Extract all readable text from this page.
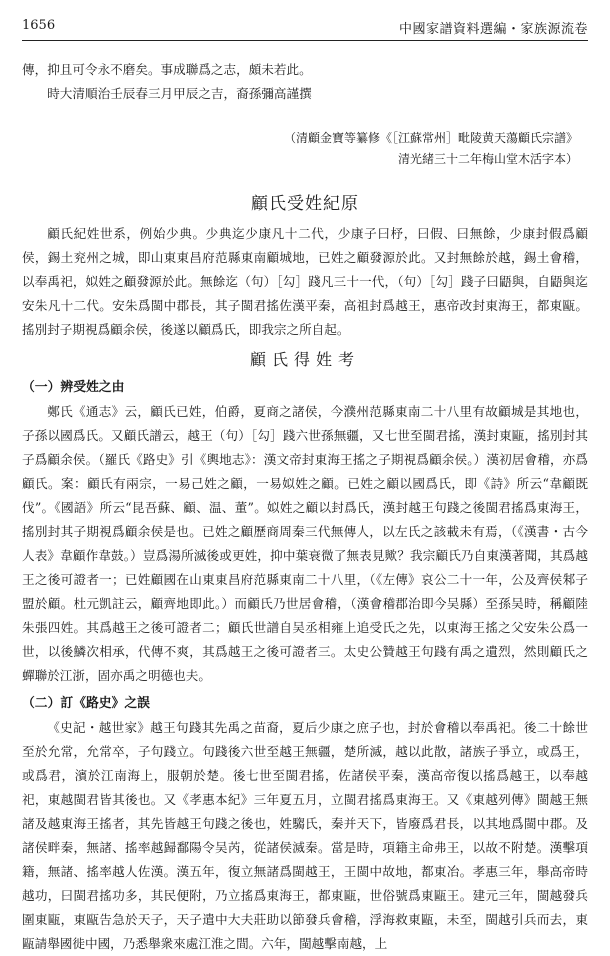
1656	中國家譜資料選編・家族源流卷

傳，抑且可令永不磨矣。事成聯爲之志，頗未若此。

時大清順治壬辰春三月甲辰之吉，裔孫彌高謹撰

（清顧金寶等纂修《［江蘇常州］毗陵黄天蕩顧氏宗譜》
清光緒三十二年梅山堂木活字本）
顧氏受姓紀原

顧氏紀姓世系，例始少典。少典迄少康凡十二代，少康子曰杼，曰假、曰無餘，少康封假爲顧侯，錫土兖州之城，即山東東昌府范縣東南顧城地，已姓之顧發源於此。又封無餘於越，錫土會稽，以奉禹祀，姒姓之顧發源於此。無餘迄（句）［勾］踐凡三十一代，（句）［勾］踐子曰鼯與，自鼯與迄安朱凡十二代。安朱爲閩中郡長，其子閩君搖佐漢平秦，高祖封爲越王，惠帝改封東海王，都東甌。搖別封子期視爲顧余侯，後遂以顧爲氏，即我宗之所自起。

顧氏得姓考

（一）辨受姓之由

鄭氏《通志》云，顧氏已姓，伯爵，夏商之諸侯，今濮州范縣東南二十八里有故顧城是其地也，子孫以國爲氏。又顧氏譜云，越王（句）［勾］踐六世孫無疆，又七世至閩君搖，漢封東甌，搖別封其子爲顧余侯。（羅氏《路史》引《輿地志》：漢文帝封東海王搖之子期視爲顧余侯。）漢初居會稽，亦爲顧氏。案：顧氏有兩宗，一易己姓之顧，一易姒姓之顧。已姓之顧以國爲氏，即《詩》所云“韋顧既伐”。《國語》所云“昆吾蘇、顧、温、董”。姒姓之顧以封爲氏，漢封越王句踐之後閩君搖爲東海王，搖別封其子期視爲顧余侯是也。已姓之顧歷商周秦三代無傳人，以左氏之該載未有焉，（《漢書・古今人表》韋顧作韋鼓。）豈爲湯所滅後或更姓，抑中葉衰微了無表見歟？我宗顧氏乃自東漢著聞，其爲越王之後可證者一；已姓顧國在山東東昌府范縣東南二十八里，（《左傳》哀公二十一年，公及齊侯邾子盟於顧。杜元凱註云，顧齊地即此。）而顧氏乃世居會稽，（漢會稽郡治即今吴縣）至孫吴時，稱顧陸朱張四姓。其爲越王之後可證者二；顧氏世譜自吴丞相雍上追受氏之先，以東海王搖之父安朱公爲一世，以後鱗次相承，代傳不爽，其爲越王之後可證者三。太史公贊越王句踐有禹之遺烈，然則顧氏之蟬聯於江浙，固亦禹之明德也夫。

（二）訂《路史》之誤

《史記・越世家》越王句踐其先禹之苗裔，夏后少康之庶子也，封於會稽以奉禹祀。後二十餘世至於允常，允常卒，子句踐立。句踐後六世至越王無疆，楚所滅，越以此散，諸族子爭立，或爲王，或爲君，濱於江南海上，服朝於楚。後七世至閩君搖，佐諸侯平秦，漢高帝復以搖爲越王，以奉越祀，東越閩君皆其後也。又《孝惠本紀》三年夏五月，立閩君搖爲東海王。又《東越列傳》閩越王無諸及越東海王搖者，其先皆越王句踐之後也，姓騶氏，秦并天下，皆廢爲君長，以其地爲閩中郡。及諸侯畔秦，無諸、搖率越歸鄱陽令吴芮，從諸侯滅秦。當是時，項籍主命弗王，以故不附楚。漢擊項籍，無諸、搖率越人佐漢。漢五年，復立無諸爲閩越王，王閩中故地，都東冶。孝惠三年，舉高帝時越功，曰閩君搖功多，其民便附，乃立搖爲東海王，都東甌，世俗號爲東甌王。建元三年，閩越發兵圍東甌，東甌告急於天子，天子遣中大夫莊助以節發兵會稽，浮海救東甌，未至，閩越引兵而去，東甌請舉國徙中國，乃悉舉衆來處江淮之間。六年，閩越擊南越，上
